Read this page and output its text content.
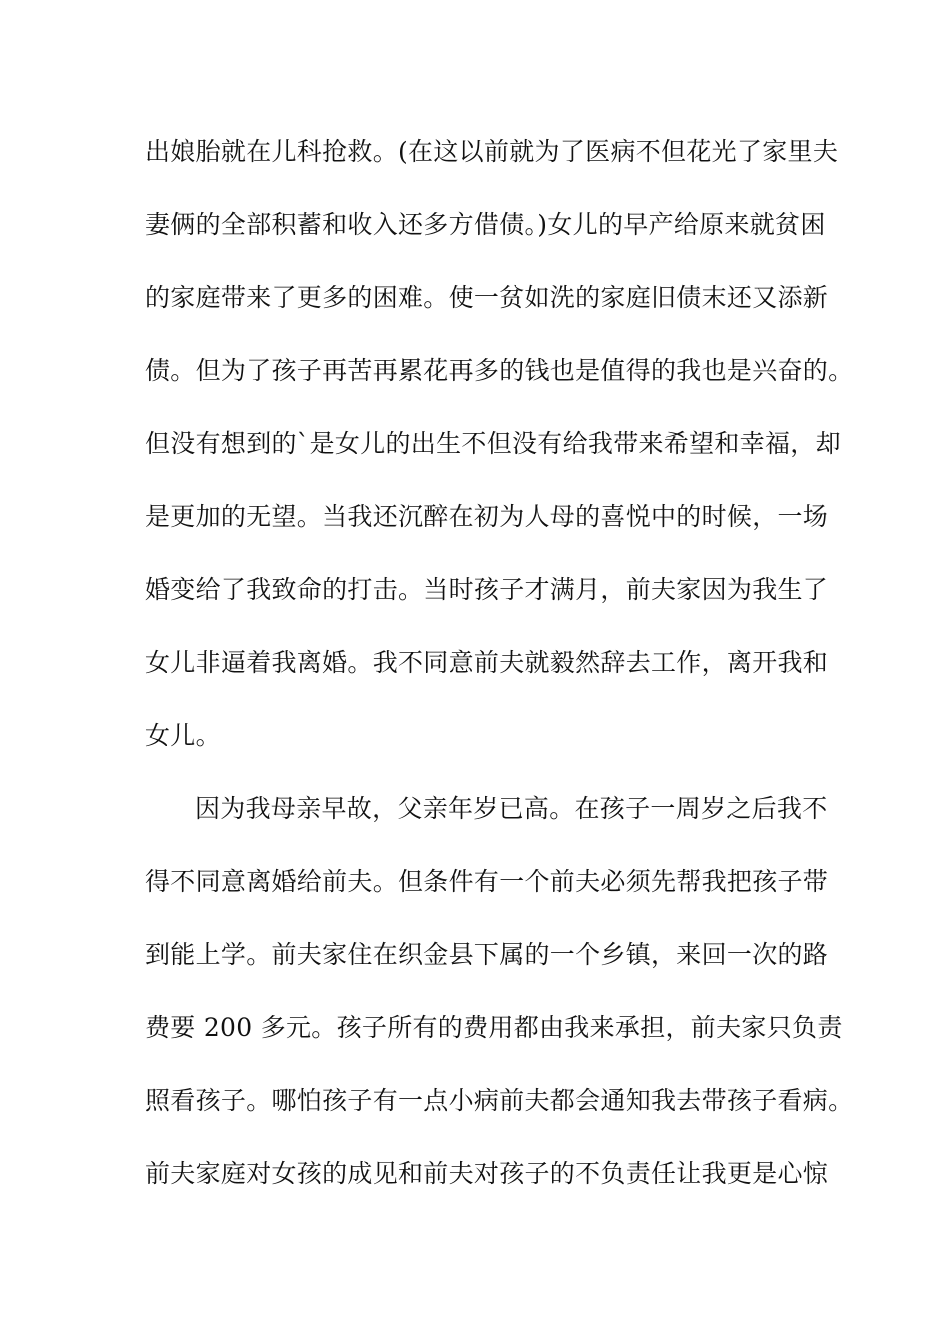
出娘胎就在儿科抢救。(在这以前就为了医病不但花光了家里夫
妻俩的全部积蓄和收入还多方借债。)女儿的早产给原来就贫困
的家庭带来了更多的困难。使一贫如洗的家庭旧债末还又添新
债。但为了孩子再苦再累花再多的钱也是值得的我也是兴奋的。
但没有想到的`是女儿的出生不但没有给我带来希望和幸福，却
是更加的无望。当我还沉醉在初为人母的喜悦中的时候，一场
婚变给了我致命的打击。当时孩子才满月，前夫家因为我生了
女儿非逼着我离婚。我不同意前夫就毅然辞去工作，离开我和
女儿。
因为我母亲早故，父亲年岁已高。在孩子一周岁之后我不
得不同意离婚给前夫。但条件有一个前夫必须先帮我把孩子带
到能上学。前夫家住在织金县下属的一个乡镇，来回一次的路
费要 200 多元。孩子所有的费用都由我来承担，前夫家只负责
照看孩子。哪怕孩子有一点小病前夫都会通知我去带孩子看病。
前夫家庭对女孩的成见和前夫对孩子的不负责任让我更是心惊
